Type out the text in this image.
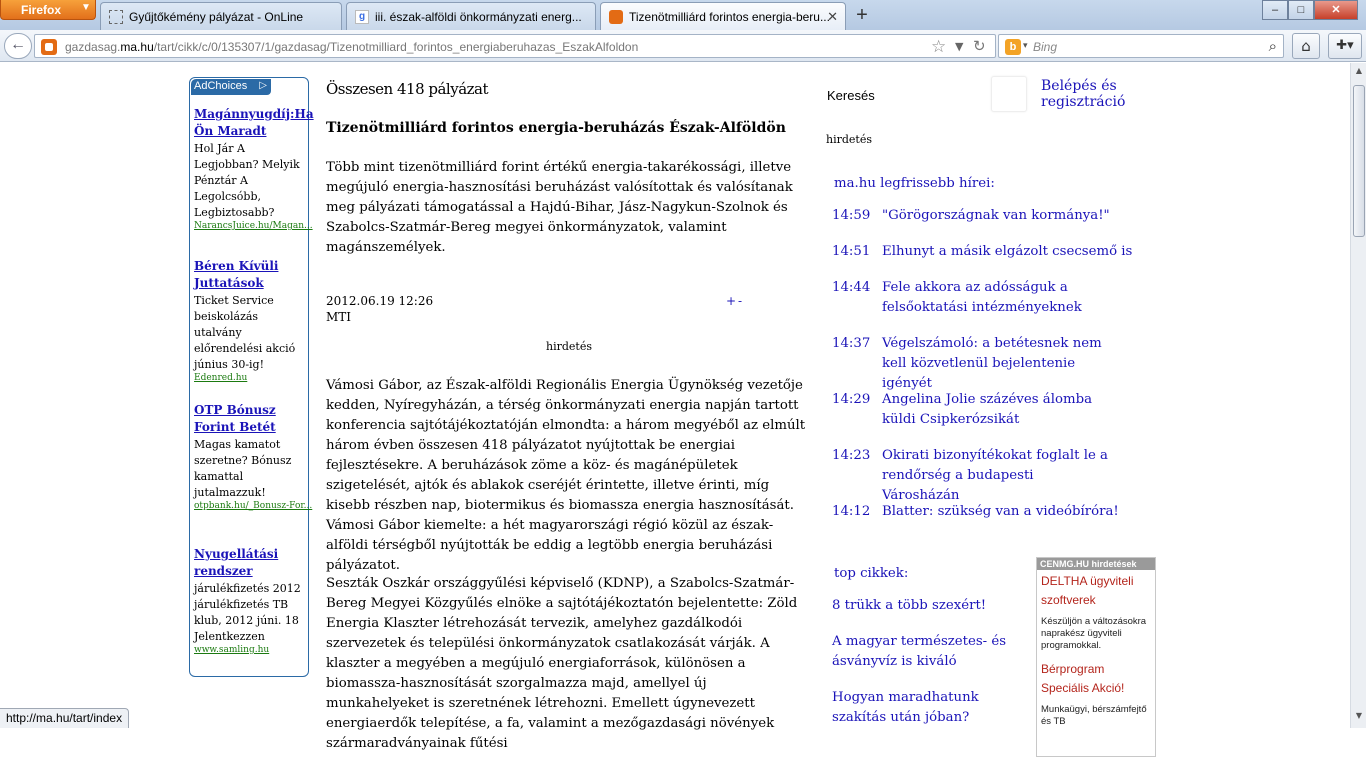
Firefox ▼
Gyűjtőkémény pályázat - OnLine	g iii. észak-alföldi önkormányzati energ...	Tizenötmilliárd forintos energia-beru...
✕ +	–	□	✕
←	gazdasag.ma.hu/tart/cikk/c/0/135307/1/gazdasag/Tizenotmilliard_forintos_energiaberuhazas_EszakAlfoldon	☆ ▼ ↻	b ▾ Bing	⌕	⌂	✚▾
AdChoices ▷
Magánnyugdíj:Ha Ön Maradt
Hol Jár A Legjobban? Melyik Pénztár A Legolcsóbb, Legbiztosabb?
NarancsJuice.hu/Magan...
Béren Kívüli Juttatások
Ticket Service beiskolázás utalvány előrendelési akció június 30-ig!
Edenred.hu
OTP Bónusz Forint Betét
Magas kamatot szeretne? Bónusz kamattal jutalmazzuk!
otpbank.hu/_Bonusz-For...
Nyugellátási rendszer
járulékfizetés 2012 járulékfizetés TB klub, 2012 júni. 18 Jelentkezzen
www.samling.hu
Összesen 418 pályázat
Tizenötmilliárd forintos energia-beruházás Észak-Alföldön
Több mint tizenötmilliárd forint értékű energia-takarékossági, illetve megújuló energia-hasznosítási beruházást valósítottak és valósítanak meg pályázati támogatással a Hajdú-Bihar, Jász-Nagykun-Szolnok és Szabolcs-Szatmár-Bereg megyei önkormányzatok, valamint magánszemélyek.
2012.06.19 12:26
MTI
+-
hirdetés
Vámosi Gábor, az Észak-alföldi Regionális Energia Ügynökség vezetője kedden, Nyíregyházán, a térség önkormányzati energia napján tartott konferencia sajtótájékoztatóján elmondta: a három megyéből az elmúlt három évben összesen 418 pályázatot nyújtottak be energiai fejlesztésekre. A beruházások zöme a köz- és magánépületek szigetelését, ajtók és ablakok cseréjét érintette, illetve érinti, míg kisebb részben nap, biotermikus és biomassza energia hasznosítását. Vámosi Gábor kiemelte: a hét magyarországi régió közül az észak-alföldi térségből nyújtották be eddig a legtöbb energia beruházási pályázatot.
Seszták Oszkár országgyűlési képviselő (KDNP), a Szabolcs-Szatmár-Bereg Megyei Közgyűlés elnöke a sajtótájékoztatón bejelentette: Zöld Energia Klaszter létrehozását tervezik, amelyhez gazdálkodói szervezetek és települési önkormányzatok csatlakozását várják. A klaszter a megyében a megújuló energiaforrások, különösen a biomassza-hasznosítását szorgalmazza majd, amellyel új munkahelyeket is szeretnének létrehozni. Emellett úgynevezett energiaerdők telepítése, a fa, valamint a mezőgazdasági növények szármaradványainak fűtési
Keresés
Belépés és
regisztráció
hirdetés
ma.hu legfrissebb hírei:
14:59 "Görögországnak van kormánya!"
14:51 Elhunyt a másik elgázolt csecsemő is
14:44 Fele akkora az adósságuk a felsőoktatási intézményeknek
14:37 Végelszámoló: a betétesnek nem kell közvetlenül bejelentenie igényét
14:29 Angelina Jolie százéves álomba küldi Csipkerózsikát
14:23 Okirati bizonyítékokat foglalt le a rendőrség a budapesti Városházán
14:12 Blatter: szükség van a videóbíróra!
top cikkek:
8 trükk a több szexért!
A magyar természetes- és ásványvíz is kiváló
Hogyan maradhatunk szakítás után jóban?
CENMG.HU hirdetések
DELTHA ügyviteli szoftverek
Készüljön a változásokra naprakész ügyviteli programokkal.
Bérprogram Speciális Akció!
Munkaügyi, bérszámfejtő és TB
▲
▼
http://ma.hu/tart/index
